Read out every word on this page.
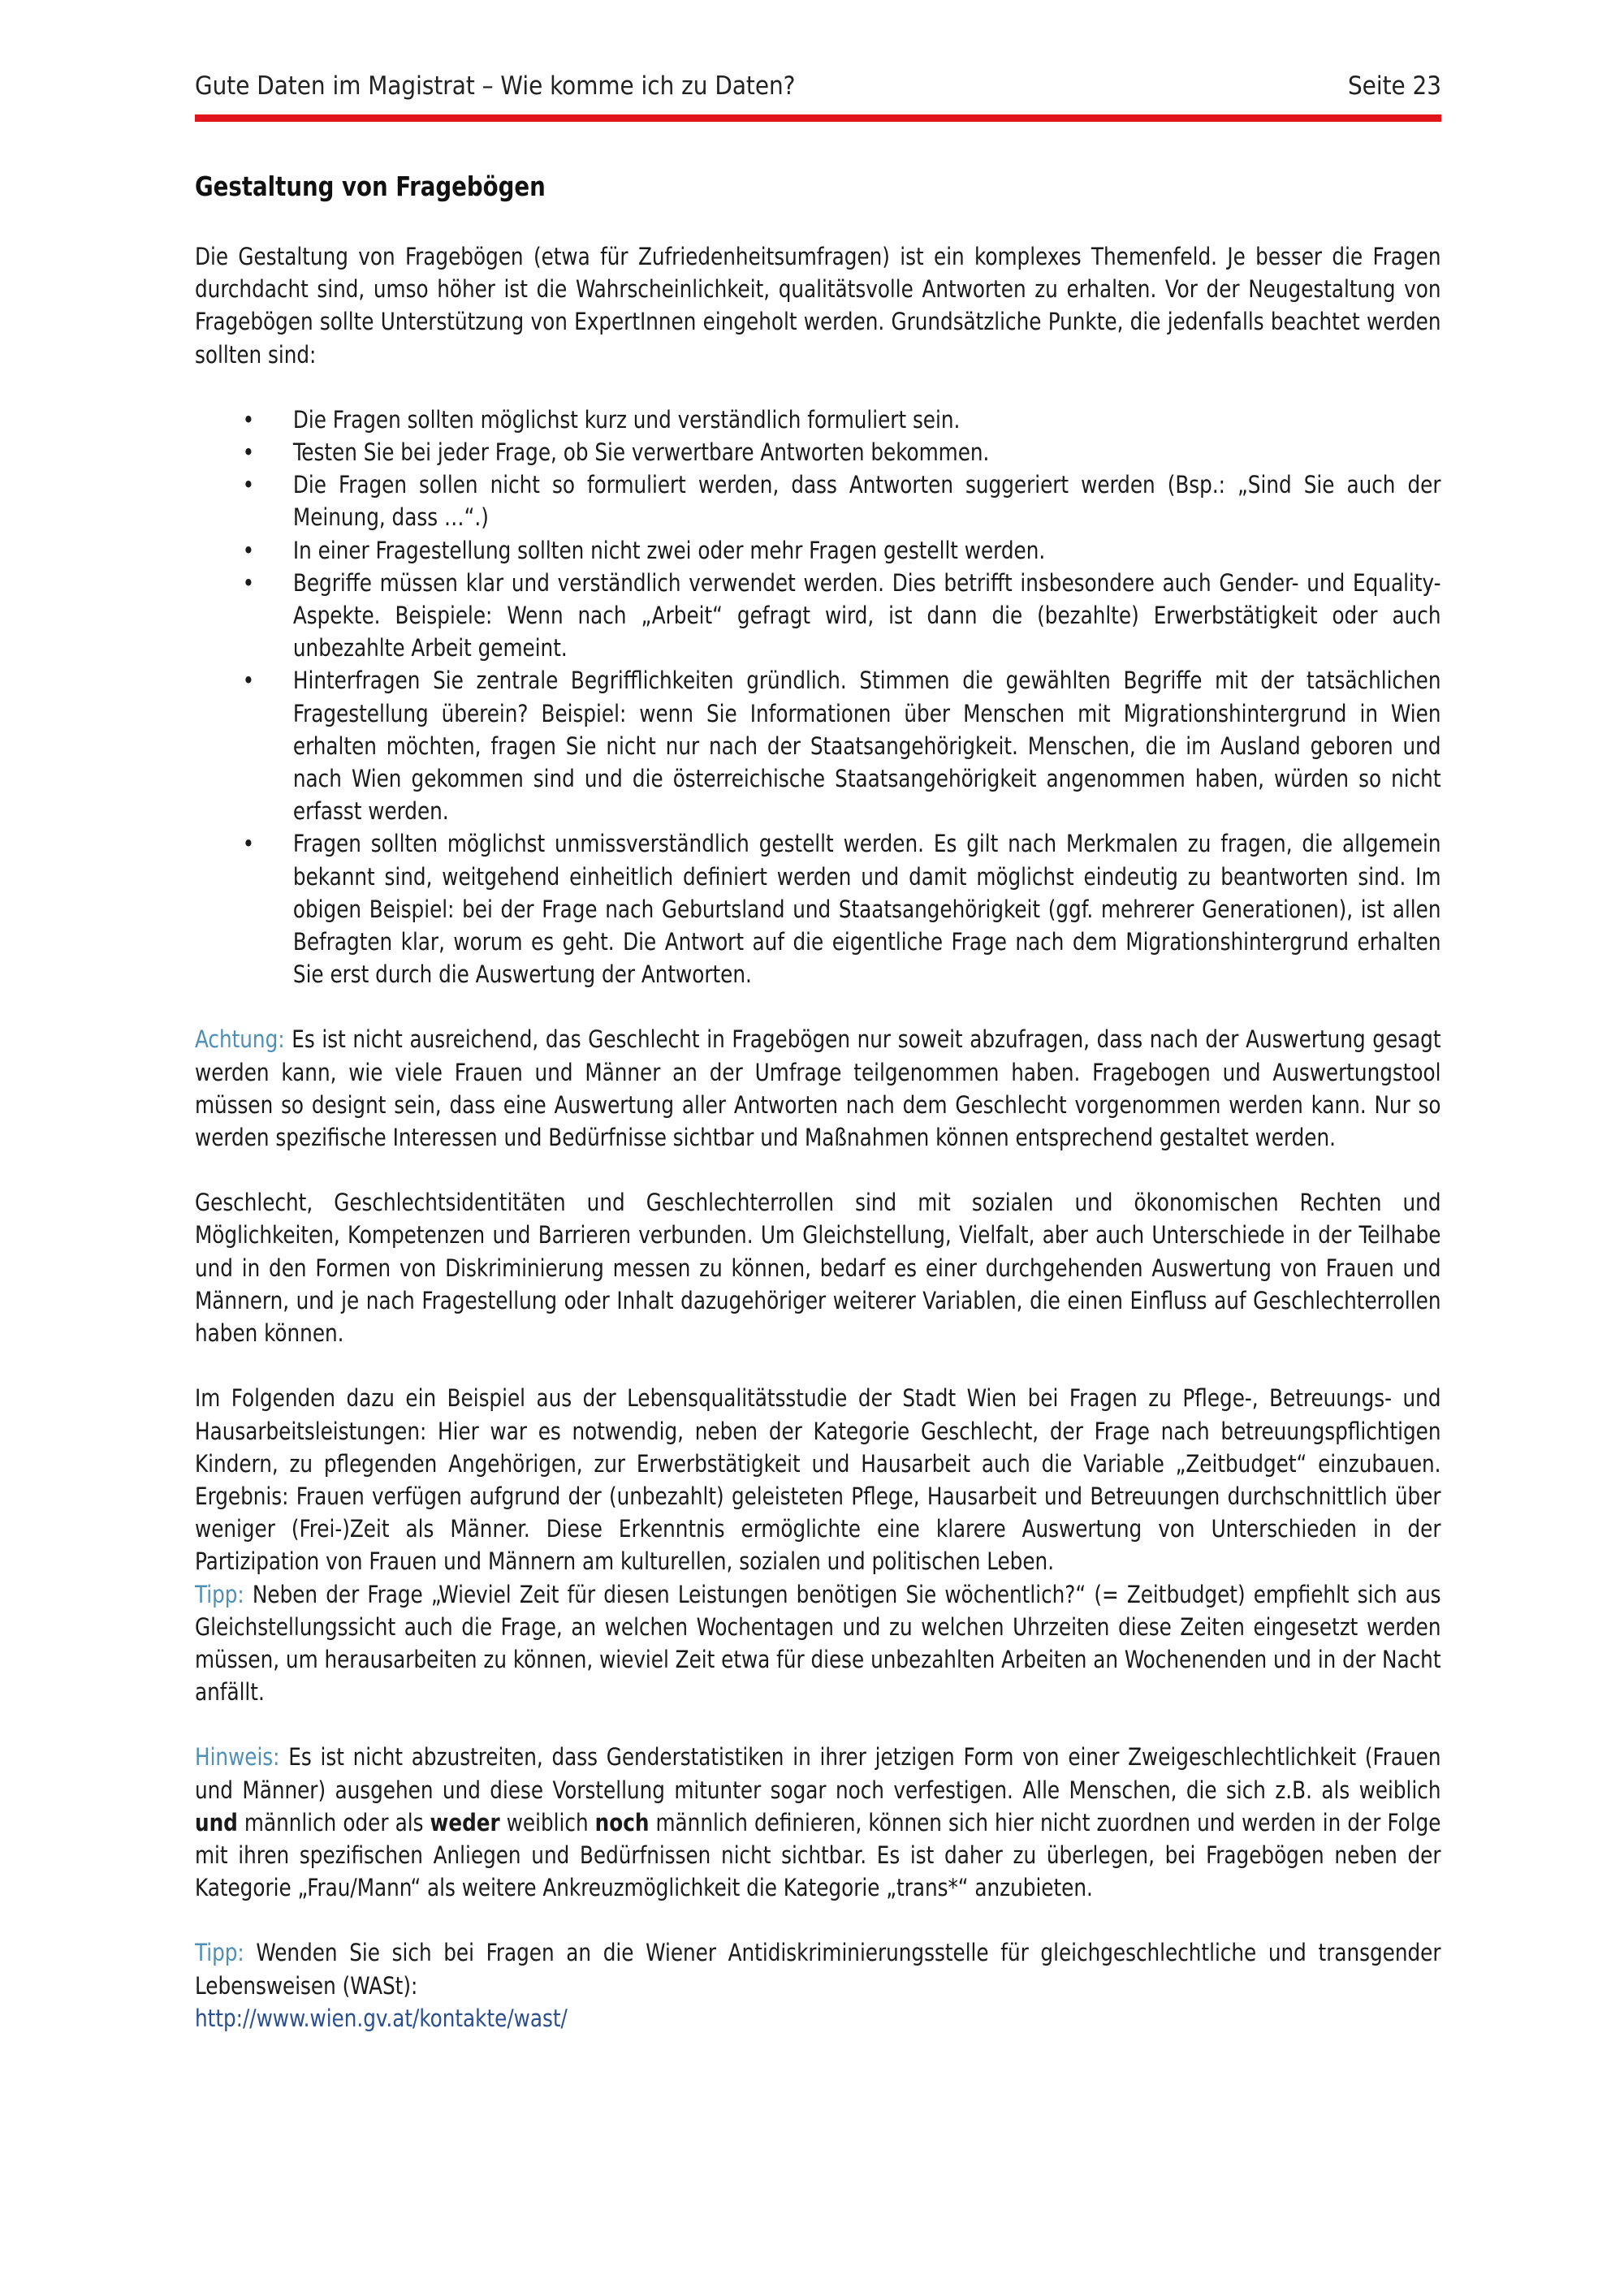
Gute Daten im Magistrat – Wie komme ich zu Daten?	Seite 23
Gestaltung von Fragebögen

Die Gestaltung von Fragebögen (etwa für Zufriedenheitsumfragen) ist ein komplexes Themenfeld. Je besser die Fragen durchdacht sind, umso höher ist die Wahrscheinlichkeit, qualitätsvolle Antworten zu erhalten. Vor der Neugestaltung von Fragebögen sollte Unterstützung von ExpertInnen eingeholt werden. Grundsätzliche Punkte, die jedenfalls beachtet werden sollten sind:

• Die Fragen sollten möglichst kurz und verständlich formuliert sein.
• Testen Sie bei jeder Frage, ob Sie verwertbare Antworten bekommen.
• Die Fragen sollen nicht so formuliert werden, dass Antworten suggeriert werden (Bsp.: „Sind Sie auch der Meinung, dass …“.)
• In einer Fragestellung sollten nicht zwei oder mehr Fragen gestellt werden.
• Begriffe müssen klar und verständlich verwendet werden. Dies betrifft insbesondere auch Gender- und Equality-Aspekte. Beispiele: Wenn nach „Arbeit“ gefragt wird, ist dann die (bezahlte) Erwerbstätigkeit oder auch unbezahlte Arbeit gemeint.
• Hinterfragen Sie zentrale Begrifflichkeiten gründlich. Stimmen die gewählten Begriffe mit der tatsächlichen Fragestellung überein? Beispiel: wenn Sie Informationen über Menschen mit Migrationshintergrund in Wien erhalten möchten, fragen Sie nicht nur nach der Staatsangehörigkeit. Menschen, die im Ausland geboren und nach Wien gekommen sind und die österreichische Staatsangehörigkeit angenommen haben, würden so nicht erfasst werden.
• Fragen sollten möglichst unmissverständlich gestellt werden. Es gilt nach Merkmalen zu fragen, die allgemein bekannt sind, weitgehend einheitlich definiert werden und damit möglichst eindeutig zu beantworten sind. Im obigen Beispiel: bei der Frage nach Geburtsland und Staatsangehörigkeit (ggf. mehrerer Generationen), ist allen Befragten klar, worum es geht. Die Antwort auf die eigentliche Frage nach dem Migrationshintergrund erhalten Sie erst durch die Auswertung der Antworten.

Achtung: Es ist nicht ausreichend, das Geschlecht in Fragebögen nur soweit abzufragen, dass nach der Auswertung gesagt werden kann, wie viele Frauen und Männer an der Umfrage teilgenommen haben. Fragebogen und Auswertungstool müssen so designt sein, dass eine Auswertung aller Antworten nach dem Geschlecht vorgenommen werden kann. Nur so werden spezifische Interessen und Bedürfnisse sichtbar und Maßnahmen können entsprechend gestaltet werden.

Geschlecht, Geschlechtsidentitäten und Geschlechterrollen sind mit sozialen und ökonomischen Rechten und Möglichkeiten, Kompetenzen und Barrieren verbunden. Um Gleichstellung, Vielfalt, aber auch Unterschiede in der Teilhabe und in den Formen von Diskriminierung messen zu können, bedarf es einer durchgehenden Auswertung von Frauen und Männern, und je nach Fragestellung oder Inhalt dazugehöriger weiterer Variablen, die einen Einfluss auf Geschlechterrollen haben können.

Im Folgenden dazu ein Beispiel aus der Lebensqualitätsstudie der Stadt Wien bei Fragen zu Pflege-, Betreuungs- und Hausarbeitsleistungen: Hier war es notwendig, neben der Kategorie Geschlecht, der Frage nach betreuungspflichtigen Kindern, zu pflegenden Angehörigen, zur Erwerbstätigkeit und Hausarbeit auch die Variable „Zeitbudget“ einzubauen. Ergebnis: Frauen verfügen aufgrund der (unbezahlt) geleisteten Pflege, Hausarbeit und Betreuungen durchschnittlich über weniger (Frei-)Zeit als Männer. Diese Erkenntnis ermöglichte eine klarere Auswertung von Unterschieden in der Partizipation von Frauen und Männern am kulturellen, sozialen und politischen Leben.

Tipp: Neben der Frage „Wieviel Zeit für diesen Leistungen benötigen Sie wöchentlich?“ (= Zeitbudget) empfiehlt sich aus Gleichstellungssicht auch die Frage, an welchen Wochentagen und zu welchen Uhrzeiten diese Zeiten eingesetzt werden müssen, um herausarbeiten zu können, wieviel Zeit etwa für diese unbezahlten Arbeiten an Wochenenden und in der Nacht anfällt.

Hinweis: Es ist nicht abzustreiten, dass Genderstatistiken in ihrer jetzigen Form von einer Zweigeschlechtlichkeit (Frauen und Männer) ausgehen und diese Vorstellung mitunter sogar noch verfestigen. Alle Menschen, die sich z.B. als weiblich und männlich oder als weder weiblich noch männlich definieren, können sich hier nicht zuordnen und werden in der Folge mit ihren spezifischen Anliegen und Bedürfnissen nicht sichtbar. Es ist daher zu überlegen, bei Fragebögen neben der Kategorie „Frau/Mann“ als weitere Ankreuzmöglichkeit die Kategorie „trans*“ anzubieten.

Tipp: Wenden Sie sich bei Fragen an die Wiener Antidiskriminierungsstelle für gleichgeschlechtliche und transgender Lebensweisen (WASt):
http://www.wien.gv.at/kontakte/wast/
